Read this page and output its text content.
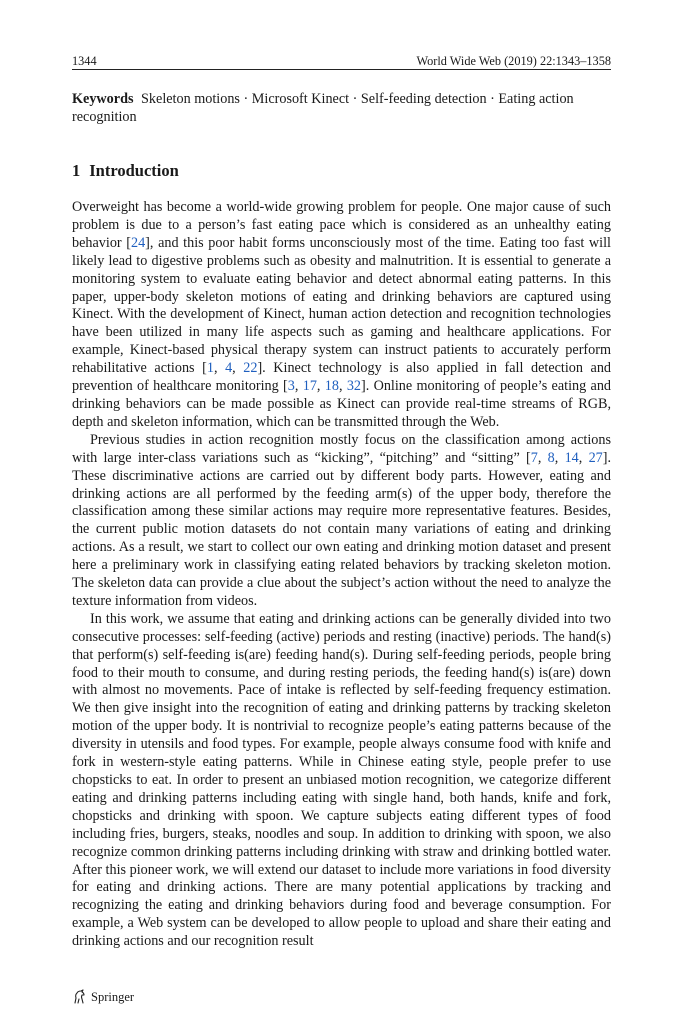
1344	World Wide Web (2019) 22:1343–1358
Keywords Skeleton motions · Microsoft Kinect · Self-feeding detection · Eating action recognition
1 Introduction

Overweight has become a world-wide growing problem for people. One major cause of such problem is due to a person’s fast eating pace which is considered as an unhealthy eating behavior [24], and this poor habit forms unconsciously most of the time. Eating too fast will likely lead to digestive problems such as obesity and malnutrition. It is essential to generate a monitoring system to evaluate eating behavior and detect abnormal eating patterns. In this paper, upper-body skeleton motions of eating and drinking behaviors are captured using Kinect. With the development of Kinect, human action detection and recognition technologies have been utilized in many life aspects such as gaming and healthcare applications. For example, Kinect-based physical therapy system can instruct patients to accurately perform rehabilitative actions [1, 4, 22]. Kinect technology is also applied in fall detection and prevention of healthcare monitoring [3, 17, 18, 32]. Online monitoring of people’s eating and drinking behaviors can be made possible as Kinect can provide real-time streams of RGB, depth and skeleton information, which can be transmitted through the Web.

Previous studies in action recognition mostly focus on the classification among actions with large inter-class variations such as “kicking”, “pitching” and “sitting” [7, 8, 14, 27]. These discriminative actions are carried out by different body parts. However, eating and drinking actions are all performed by the feeding arm(s) of the upper body, therefore the classification among these similar actions may require more representative features. Besides, the current public motion datasets do not contain many variations of eating and drinking actions. As a result, we start to collect our own eating and drinking motion dataset and present here a preliminary work in classifying eating related behaviors by tracking skeleton motion. The skeleton data can provide a clue about the subject’s action without the need to analyze the texture information from videos.

In this work, we assume that eating and drinking actions can be generally divided into two consecutive processes: self-feeding (active) periods and resting (inactive) periods. The hand(s) that perform(s) self-feeding is(are) feeding hand(s). During self-feeding periods, people bring food to their mouth to consume, and during resting periods, the feeding hand(s) is(are) down with almost no movements. Pace of intake is reflected by self-feeding frequency estimation. We then give insight into the recognition of eating and drinking patterns by tracking skeleton motion of the upper body. It is nontrivial to recognize people’s eating patterns because of the diversity in utensils and food types. For example, people always consume food with knife and fork in western-style eating patterns. While in Chinese eating style, people prefer to use chopsticks to eat. In order to present an unbiased motion recognition, we categorize different eating and drinking patterns including eating with single hand, both hands, knife and fork, chopsticks and drinking with spoon. We capture subjects eating different types of food including fries, burgers, steaks, noodles and soup. In addition to drinking with spoon, we also recognize common drinking patterns including drinking with straw and drinking bottled water. After this pioneer work, we will extend our dataset to include more variations in food diversity for eating and drinking actions. There are many potential applications by tracking and recognizing the eating and drinking behaviors during food and beverage consumption. For example, a Web system can be developed to allow people to upload and share their eating and drinking actions and our recognition result

Springer
